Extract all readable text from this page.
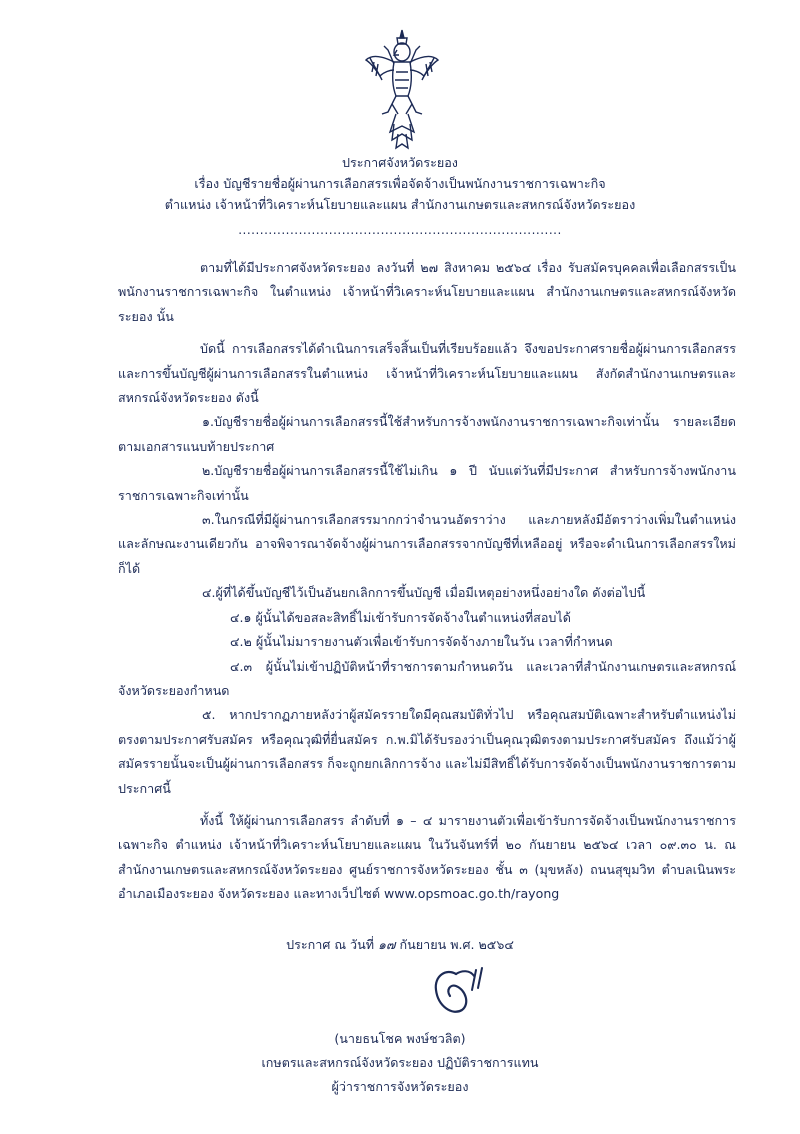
ประกาศจังหวัดระยอง
เรื่อง บัญชีรายชื่อผู้ผ่านการเลือกสรรเพื่อจัดจ้างเป็นพนักงานราชการเฉพาะกิจ
ตำแหน่ง เจ้าหน้าที่วิเคราะห์นโยบายและแผน สำนักงานเกษตรและสหกรณ์จังหวัดระยอง
...........................................................................

ตามที่ได้มีประกาศจังหวัดระยอง ลงวันที่ ๒๗ สิงหาคม ๒๕๖๔ เรื่อง รับสมัครบุคคลเพื่อเลือกสรรเป็นพนักงานราชการเฉพาะกิจ ในตำแหน่ง เจ้าหน้าที่วิเคราะห์นโยบายและแผน สำนักงานเกษตรและสหกรณ์จังหวัดระยอง นั้น

บัดนี้ การเลือกสรรได้ดำเนินการเสร็จสิ้นเป็นที่เรียบร้อยแล้ว จึงขอประกาศรายชื่อผู้ผ่านการเลือกสรรและการขึ้นบัญชีผู้ผ่านการเลือกสรรในตำแหน่ง เจ้าหน้าที่วิเคราะห์นโยบายและแผน สังกัดสำนักงานเกษตรและสหกรณ์จังหวัดระยอง ดังนี้

๑.บัญชีรายชื่อผู้ผ่านการเลือกสรรนี้ใช้สำหรับการจ้างพนักงานราชการเฉพาะกิจเท่านั้น รายละเอียดตามเอกสารแนบท้ายประกาศ

๒.บัญชีรายชื่อผู้ผ่านการเลือกสรรนี้ใช้ไม่เกิน ๑ ปี นับแต่วันที่มีประกาศ สำหรับการจ้างพนักงานราชการเฉพาะกิจเท่านั้น

๓.ในกรณีที่มีผู้ผ่านการเลือกสรรมากกว่าจำนวนอัตราว่าง และภายหลังมีอัตราว่างเพิ่มในตำแหน่งและลักษณะงานเดียวกัน อาจพิจารณาจัดจ้างผู้ผ่านการเลือกสรรจากบัญชีที่เหลืออยู่ หรือจะดำเนินการเลือกสรรใหม่ก็ได้

๔.ผู้ที่ได้ขึ้นบัญชีไว้เป็นอันยกเลิกการขึ้นบัญชี เมื่อมีเหตุอย่างหนึ่งอย่างใด ดังต่อไปนี้

๔.๑ ผู้นั้นได้ขอสละสิทธิ์ไม่เข้ารับการจัดจ้างในตำแหน่งที่สอบได้

๔.๒ ผู้นั้นไม่มารายงานตัวเพื่อเข้ารับการจัดจ้างภายในวัน เวลาที่กำหนด

๔.๓ ผู้นั้นไม่เข้าปฏิบัติหน้าที่ราชการตามกำหนดวัน และเวลาที่สำนักงานเกษตรและสหกรณ์จังหวัดระยองกำหนด

๕. หากปรากฏภายหลังว่าผู้สมัครรายใดมีคุณสมบัติทั่วไป หรือคุณสมบัติเฉพาะสำหรับตำแหน่งไม่ตรงตามประกาศรับสมัคร หรือคุณวุฒิที่ยื่นสมัคร ก.พ.มิได้รับรองว่าเป็นคุณวุฒิตรงตามประกาศรับสมัคร ถึงแม้ว่าผู้สมัครรายนั้นจะเป็นผู้ผ่านการเลือกสรร ก็จะถูกยกเลิกการจ้าง และไม่มีสิทธิ์ได้รับการจัดจ้างเป็นพนักงานราชการตามประกาศนี้

ทั้งนี้ ให้ผู้ผ่านการเลือกสรร ลำดับที่ ๑ – ๔ มารายงานตัวเพื่อเข้ารับการจัดจ้างเป็นพนักงานราชการเฉพาะกิจ ตำแหน่ง เจ้าหน้าที่วิเคราะห์นโยบายและแผน ในวันจันทร์ที่ ๒๐ กันยายน ๒๕๖๔ เวลา ๐๙.๓๐ น. ณ สำนักงานเกษตรและสหกรณ์จังหวัดระยอง ศูนย์ราชการจังหวัดระยอง ชั้น ๓ (มุขหลัง) ถนนสุขุมวิท ตำบลเนินพระ อำเภอเมืองระยอง จังหวัดระยอง และทางเว็ปไซต์ www.opsmoac.go.th/rayong

ประกาศ ณ วันที่ ๑๗ กันยายน พ.ศ. ๒๕๖๔
(นายธนโชค พงษ์ชวลิต)
เกษตรและสหกรณ์จังหวัดระยอง ปฏิบัติราชการแทน
ผู้ว่าราชการจังหวัดระยอง
